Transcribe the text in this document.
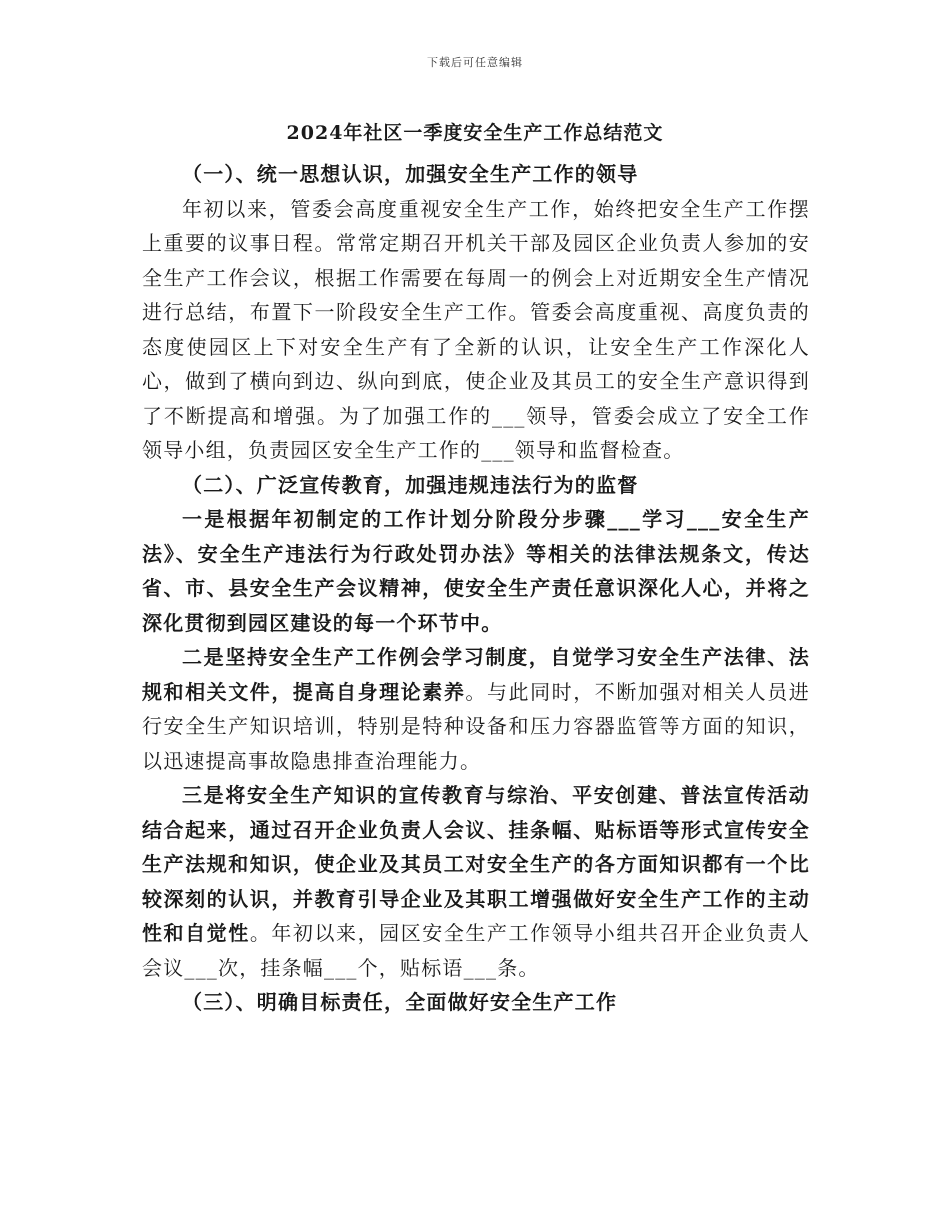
下载后可任意编辑
2024年社区一季度安全生产工作总结范文

（一）、统一思想认识，加强安全生产工作的领导

年初以来，管委会高度重视安全生产工作，始终把安全生产工作摆上重要的议事日程。常常定期召开机关干部及园区企业负责人参加的安全生产工作会议，根据工作需要在每周一的例会上对近期安全生产情况进行总结，布置下一阶段安全生产工作。管委会高度重视、高度负责的态度使园区上下对安全生产有了全新的认识，让安全生产工作深化人心，做到了横向到边、纵向到底，使企业及其员工的安全生产意识得到了不断提高和增强。为了加强工作的___领导，管委会成立了安全工作领导小组，负责园区安全生产工作的___领导和监督检查。

（二）、广泛宣传教育，加强违规违法行为的监督

一是根据年初制定的工作计划分阶段分步骤___学习___安全生产法》、安全生产违法行为行政处罚办法》等相关的法律法规条文，传达省、市、县安全生产会议精神，使安全生产责任意识深化人心，并将之深化贯彻到园区建设的每一个环节中。

二是坚持安全生产工作例会学习制度，自觉学习安全生产法律、法规和相关文件，提高自身理论素养。与此同时，不断加强对相关人员进行安全生产知识培训，特别是特种设备和压力容器监管等方面的知识，以迅速提高事故隐患排查治理能力。

三是将安全生产知识的宣传教育与综治、平安创建、普法宣传活动结合起来，通过召开企业负责人会议、挂条幅、贴标语等形式宣传安全生产法规和知识，使企业及其员工对安全生产的各方面知识都有一个比较深刻的认识，并教育引导企业及其职工增强做好安全生产工作的主动性和自觉性。年初以来，园区安全生产工作领导小组共召开企业负责人会议___次，挂条幅___个，贴标语___条。

（三）、明确目标责任，全面做好安全生产工作
